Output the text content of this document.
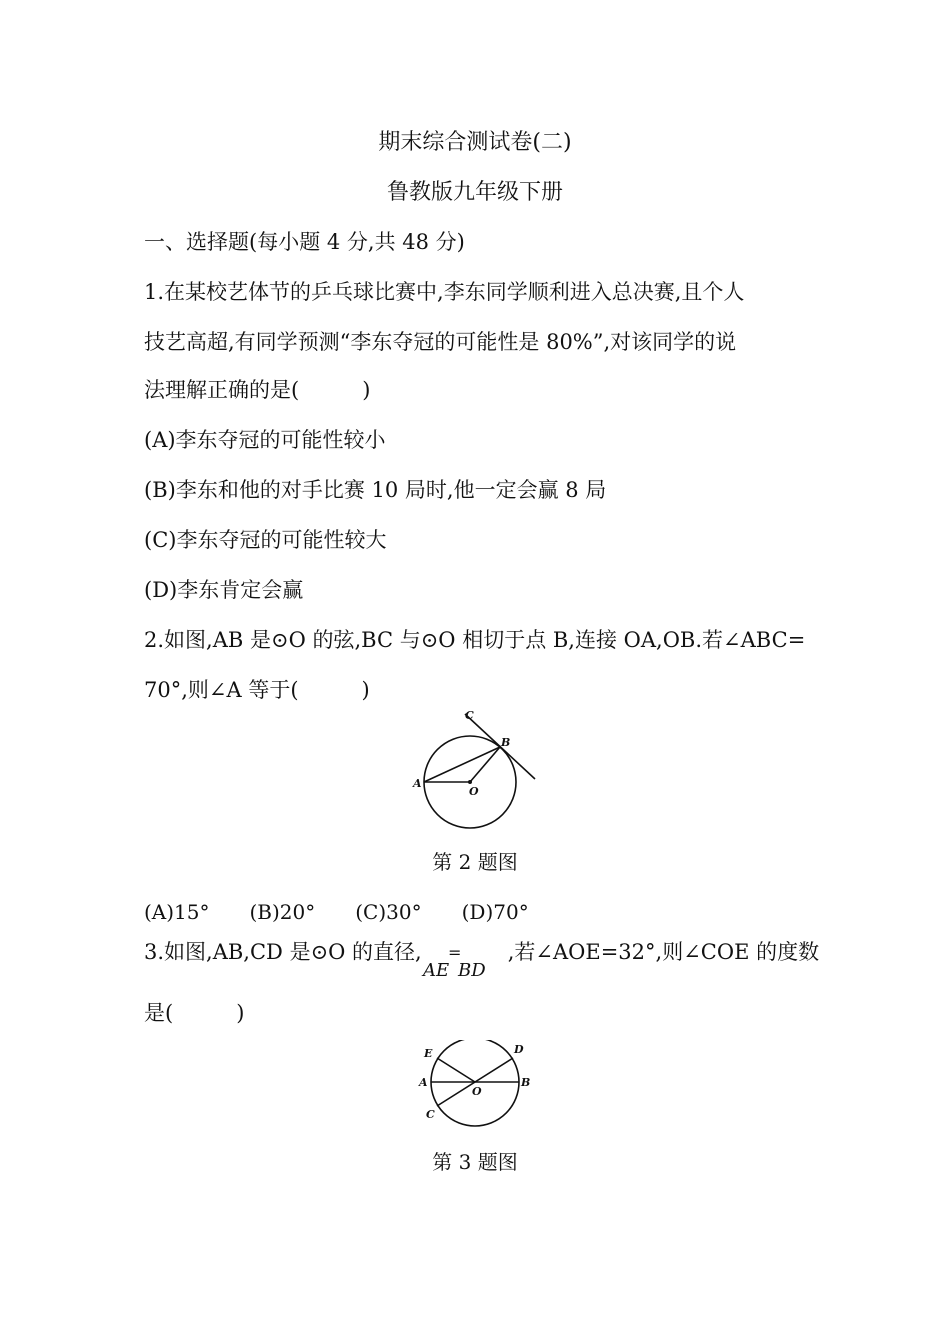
期末综合测试卷(二)
鲁教版九年级下册
一、选择题(每小题 4 分,共 48 分)
1.在某校艺体节的乒乓球比赛中,李东同学顺利进入总决赛,且个人
技艺高超,有同学预测“李东夺冠的可能性是 80%”,对该同学的说
法理解正确的是(　　　)
(A)李东夺冠的可能性较小
(B)李东和他的对手比赛 10 局时,他一定会赢 8 局
(C)李东夺冠的可能性较大
(D)李东肯定会赢
2.如图,AB 是⊙O 的弦,BC 与⊙O 相切于点 B,连接 OA,OB.若∠ABC=
70°,则∠A 等于(　　　)
C
B
A
O
第 2 题图
(A)15°　　(B)20°　　(C)30°　　(D)70°
3.如图,AB,CD 是⊙O 的直径,	,若∠AOE=32°,则∠COE 的度数
AE
=
BD
是(　　　)
E	D
A	B
O
C
第 3 题图
